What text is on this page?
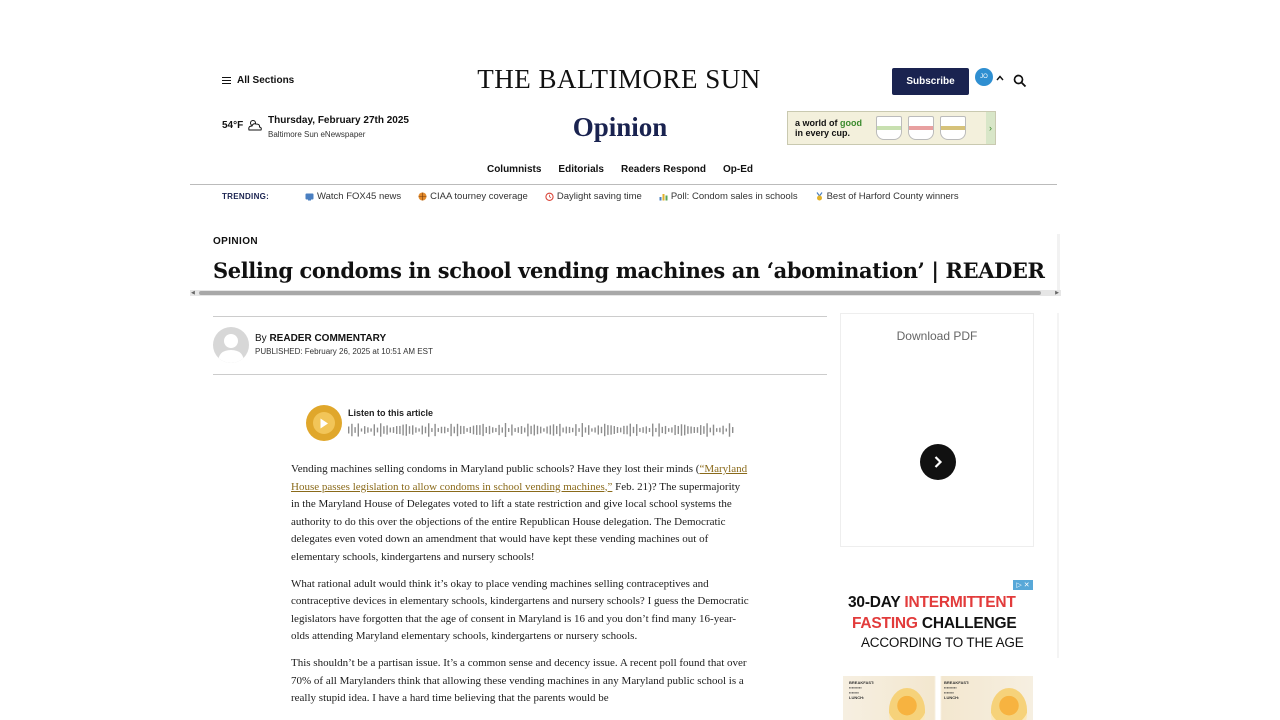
All Sections	THE BALTIMORE SUN	Subscribe	JO
54°F Thursday, February 27th 2025
Baltimore Sun eNewspaper	Opinion	a world of good
in every cup.	›
Columnists Editorials Readers Respond Op-Ed
TRENDING:	Watch FOX45 news	CIAA tourney coverage	Daylight saving time	Poll: Condom sales in schools	Best of Harford County winners
OPINION
Selling condoms in school vending machines an ‘abomination’ | READER
◀	▶
By READER COMMENTARY
PUBLISHED: February 26, 2025 at 10:51 AM EST
Listen to this article

Vending machines selling condoms in Maryland public schools? Have they lost their minds (“Maryland House passes legislation to allow condoms in school vending machines,” Feb. 21)? The supermajority in the Maryland House of Delegates voted to lift a state restriction and give local school systems the authority to do this over the objections of the entire Republican House delegation. The Democratic delegates even voted down an amendment that would have kept these vending machines out of elementary schools, kindergartens and nursery schools!

What rational adult would think it’s okay to place vending machines selling contraceptives and contraceptive devices in elementary schools, kindergartens and nursery schools? I guess the Democratic legislators have forgotten that the age of consent in Maryland is 16 and you don’t find many 16-year-olds attending Maryland elementary schools, kindergartens or nursery schools.

This shouldn’t be a partisan issue. It’s a common sense and decency issue. A recent poll found that over 70% of all Marylanders think that allowing these vending machines in any Maryland public school is a really stupid idea. I have a hard time believing that the parents would be

Download PDF
▷ ✕
30-DAY INTERMITTENT
FASTING CHALLENGE
ACCORDING TO THE AGE
BREAKFAST:
▪▪▪▪▪▪▪▪▪
▪▪▪▪▪▪▪

LUNCH:
BREAKFAST:
▪▪▪▪▪▪▪▪▪
▪▪▪▪▪▪▪

LUNCH:
